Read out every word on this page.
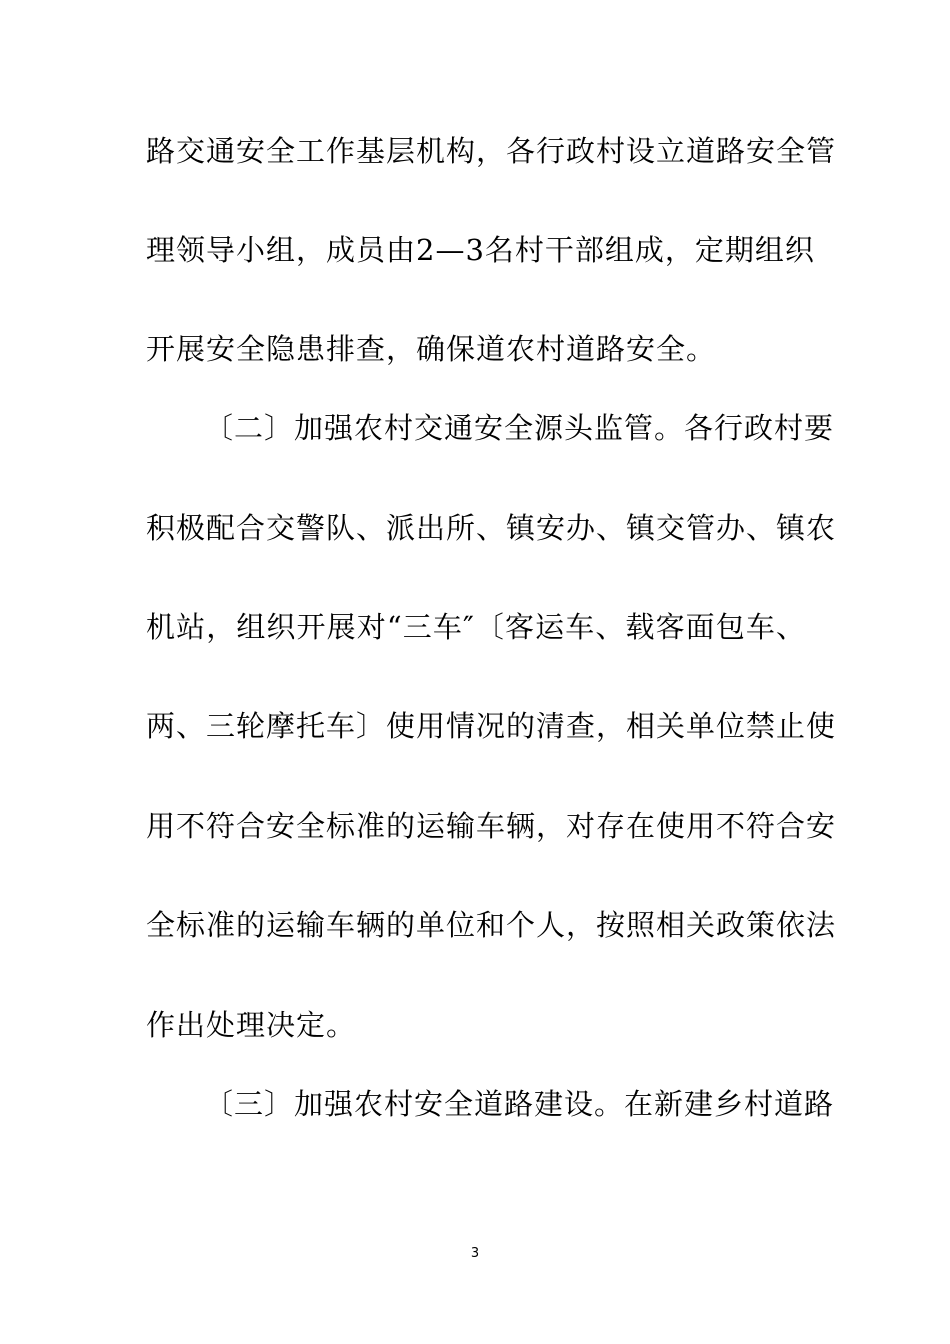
路交通安全工作基层机构，各行政村设立道路安全管
理领导小组，成员由2—3名村干部组成，定期组织
开展安全隐患排查，确保道农村道路安全。
〔二〕加强农村交通安全源头监管。各行政村要
积极配合交警队、派出所、镇安办、镇交管办、镇农
机站，组织开展对“三车″〔客运车、载客面包车、
两、三轮摩托车〕使用情况的清查，相关单位禁止使
用不符合安全标准的运输车辆，对存在使用不符合安
全标准的运输车辆的单位和个人，按照相关政策依法
作出处理决定。
〔三〕加强农村安全道路建设。在新建乡村道路
3
